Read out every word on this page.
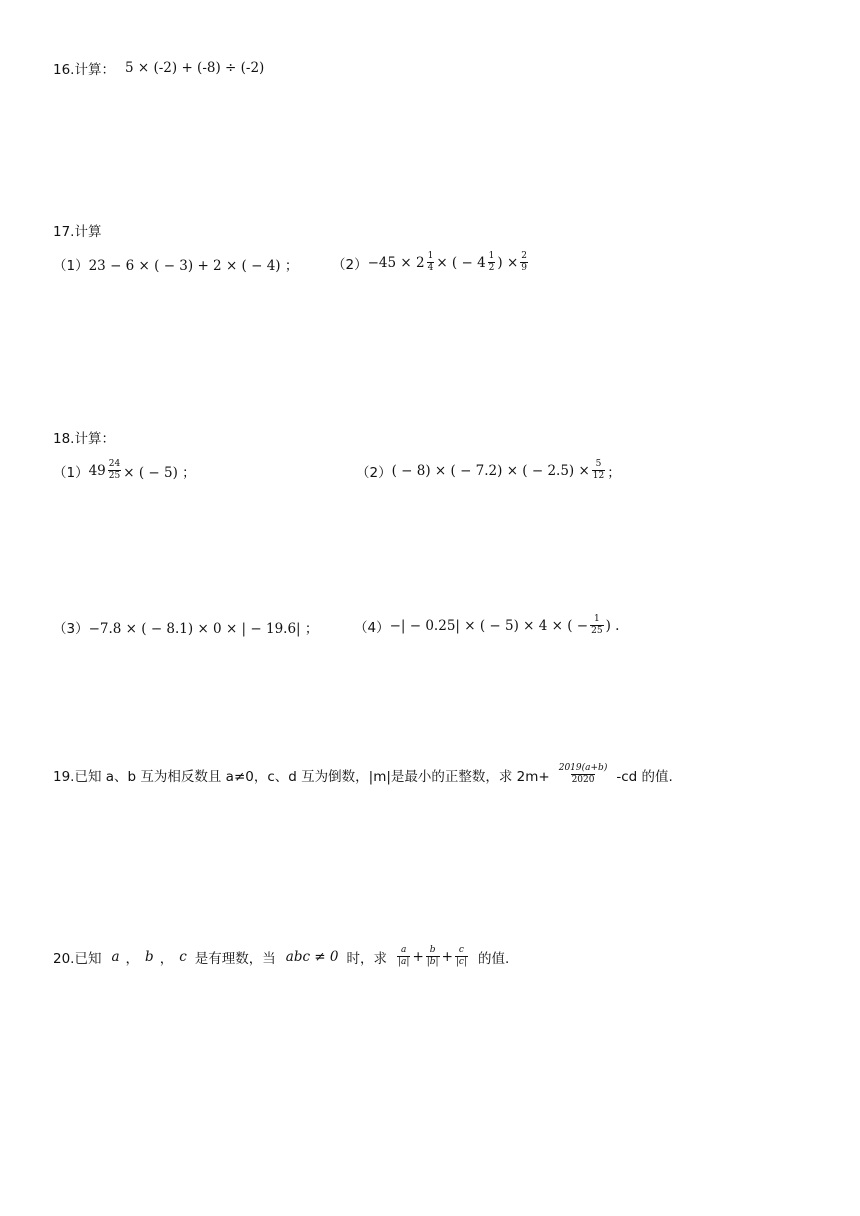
16.计算： 5 × (-2) + (-8) ÷ (-2)
17.计算
（1） 23 − 6 × ( − 3) + 2 × ( − 4) ； $(2) -45 \times 2 \frac{1}{4}$ × ( − $4 \frac{1}{2}$ ) × $\frac{2}{9}$
18.计算：
（1） $49 \frac{24}{25}$ × ( − 5) ；	（2） ( − 8) × ( − 7.2) × ( − $2.5) \times \frac{5}{12}$ ；
（3） −7.8 × ( − 8.1) × 0 × | − 19.6| ；	（4） −| − 0.25| × ( − 5) × 4 × ( − $\frac{1}{25}$ ) .
19.已知 a、b 互为相反数且 a≠0，c、d 互为倒数，|m|是最小的正整数，求 $2m+ \frac{2019(a+b)}{2020} -cd$ 的值.
20.已知 a ， b ， c 是有理数，当 abc ≠ 0 时，求 $\frac{a}{|a|} + \frac{b}{|b|} + \frac{c}{|c|}$ 的值.
